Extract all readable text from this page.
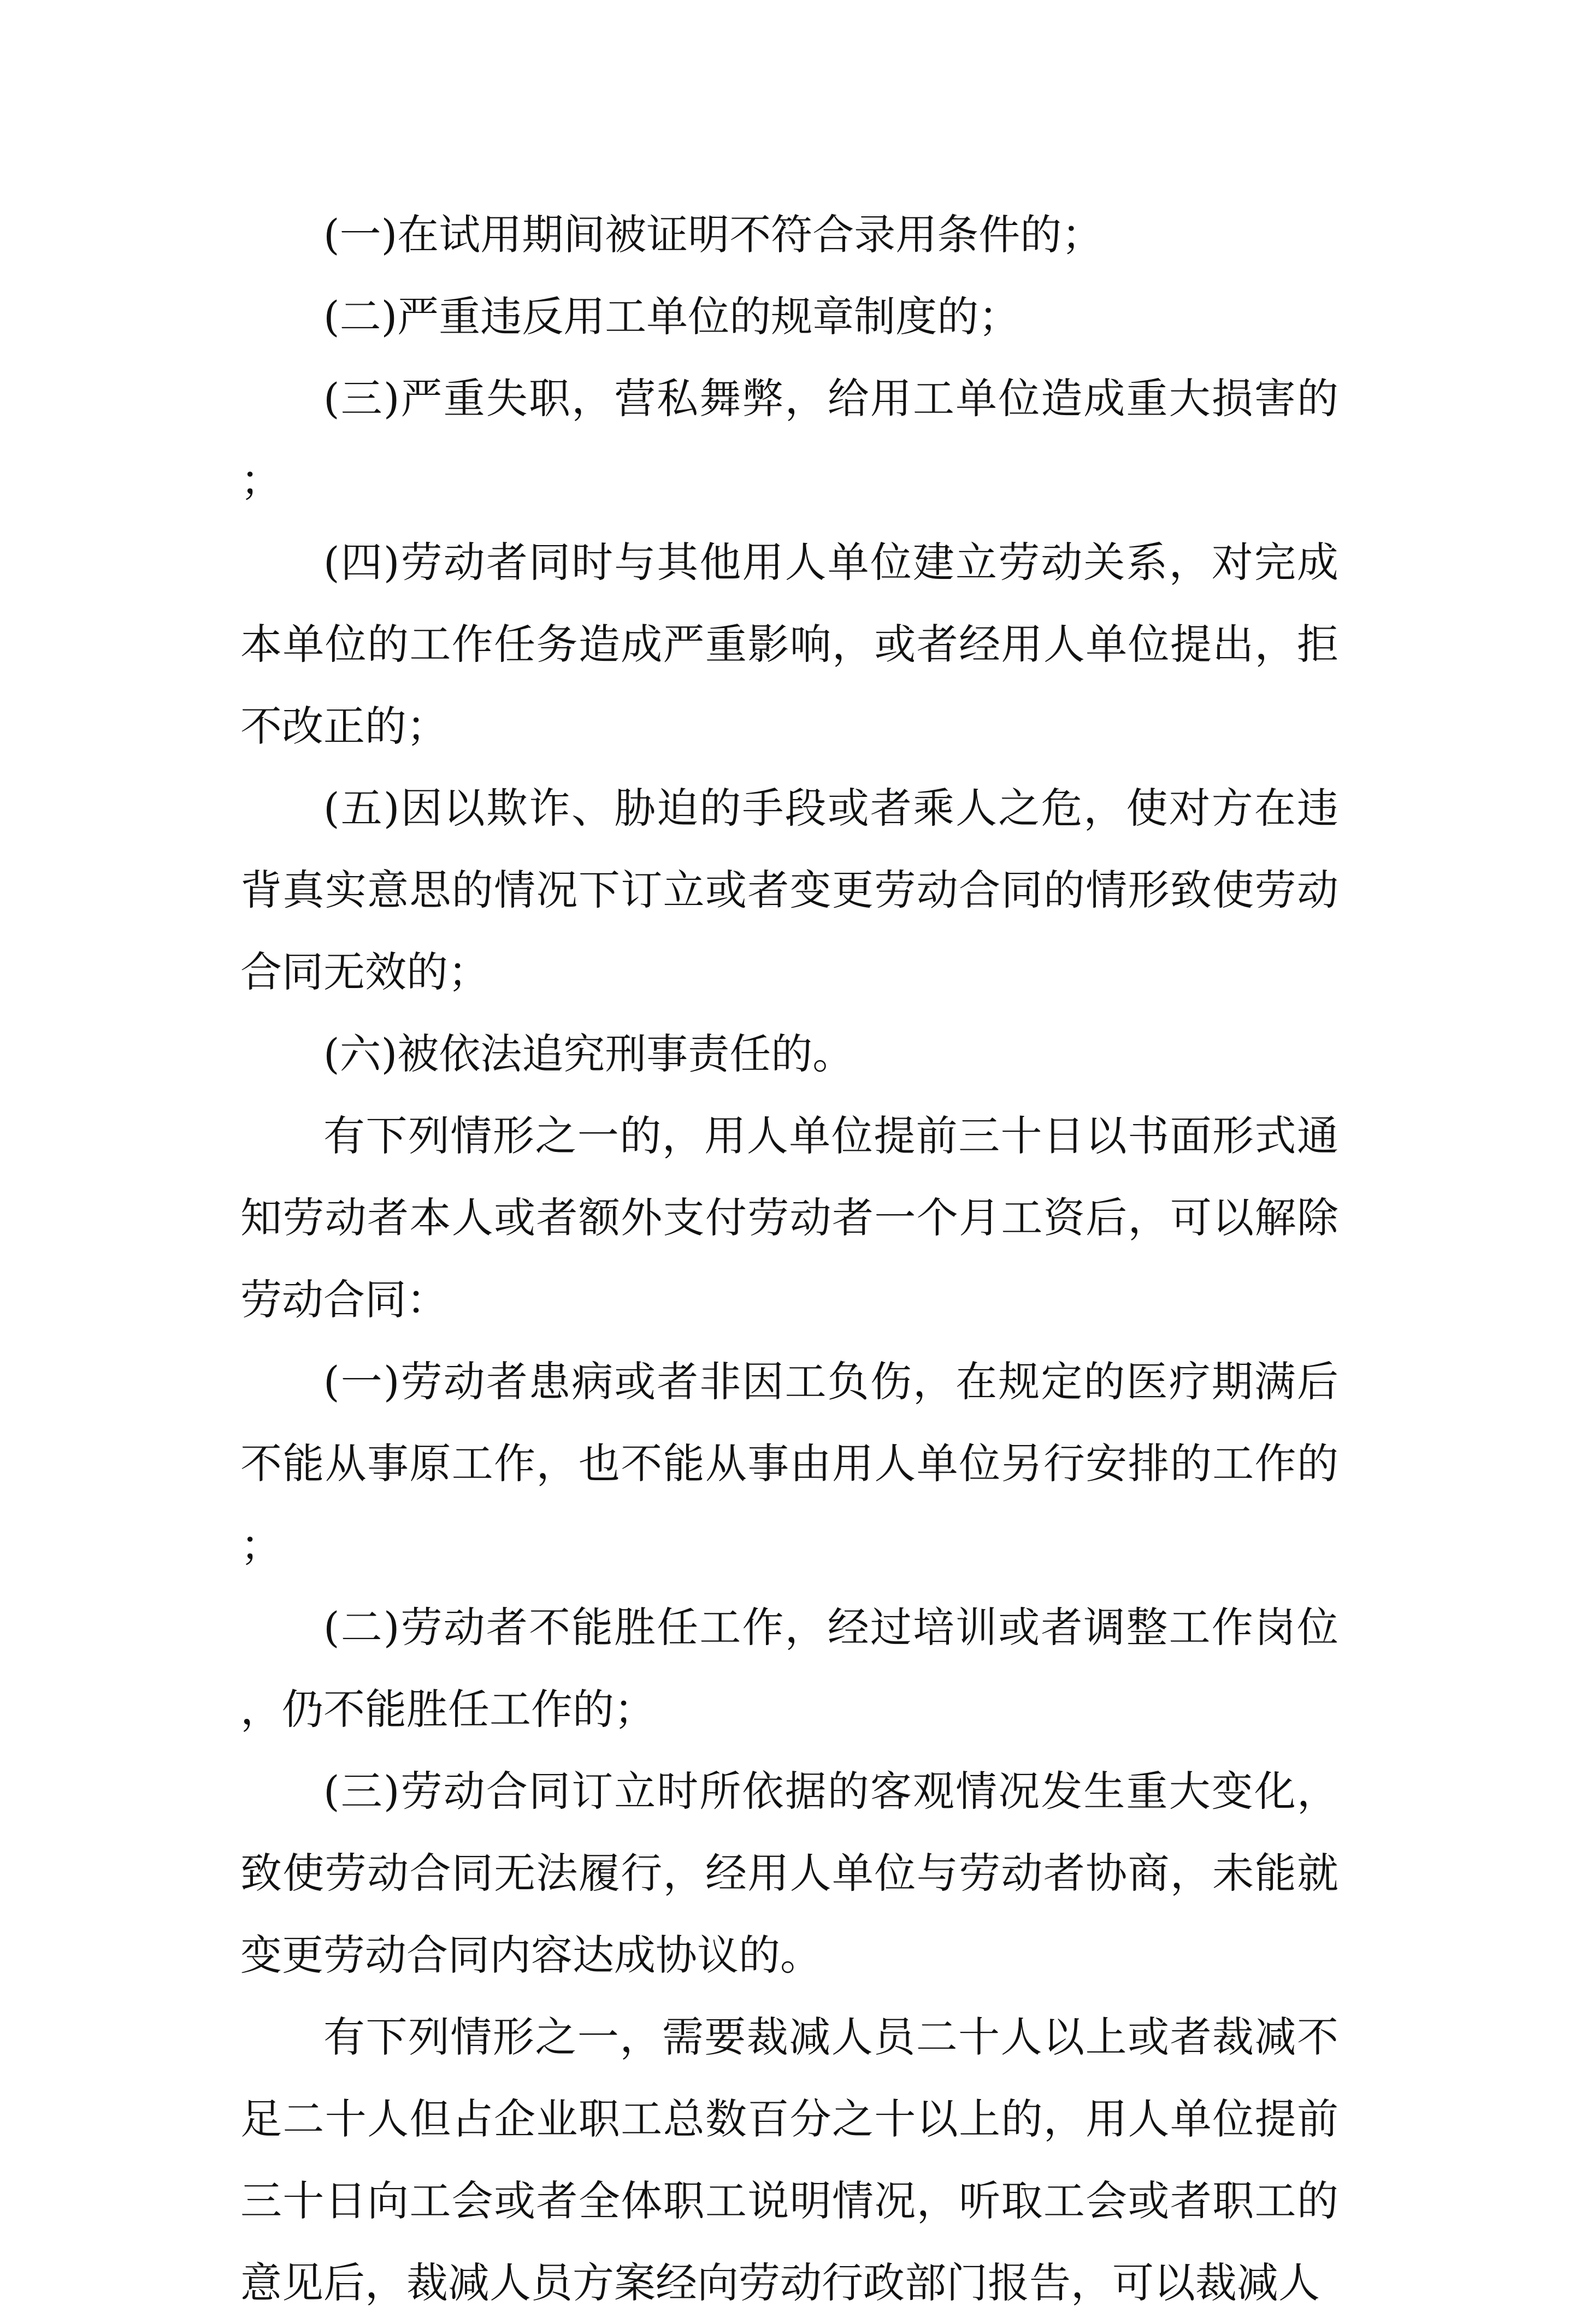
(一)在试用期间被证明不符合录用条件的；

(二)严重违反用工单位的规章制度的；

(三)严重失职，营私舞弊，给用工单位造成重大损害的；

(四)劳动者同时与其他用人单位建立劳动关系，对完成本单位的工作任务造成严重影响，或者经用人单位提出，拒不改正的；

(五)因以欺诈、胁迫的手段或者乘人之危，使对方在违背真实意思的情况下订立或者变更劳动合同的情形致使劳动合同无效的；

(六)被依法追究刑事责任的。

有下列情形之一的，用人单位提前三十日以书面形式通知劳动者本人或者额外支付劳动者一个月工资后，可以解除劳动合同：

(一)劳动者患病或者非因工负伤，在规定的医疗期满后不能从事原工作，也不能从事由用人单位另行安排的工作的；

(二)劳动者不能胜任工作，经过培训或者调整工作岗位，仍不能胜任工作的；

(三)劳动合同订立时所依据的客观情况发生重大变化，致使劳动合同无法履行，经用人单位与劳动者协商，未能就变更劳动合同内容达成协议的。

有下列情形之一，需要裁减人员二十人以上或者裁减不足二十人但占企业职工总数百分之十以上的，用人单位提前三十日向工会或者全体职工说明情况，听取工会或者职工的意见后，裁减人员方案经向劳动行政部门报告，可以裁减人
